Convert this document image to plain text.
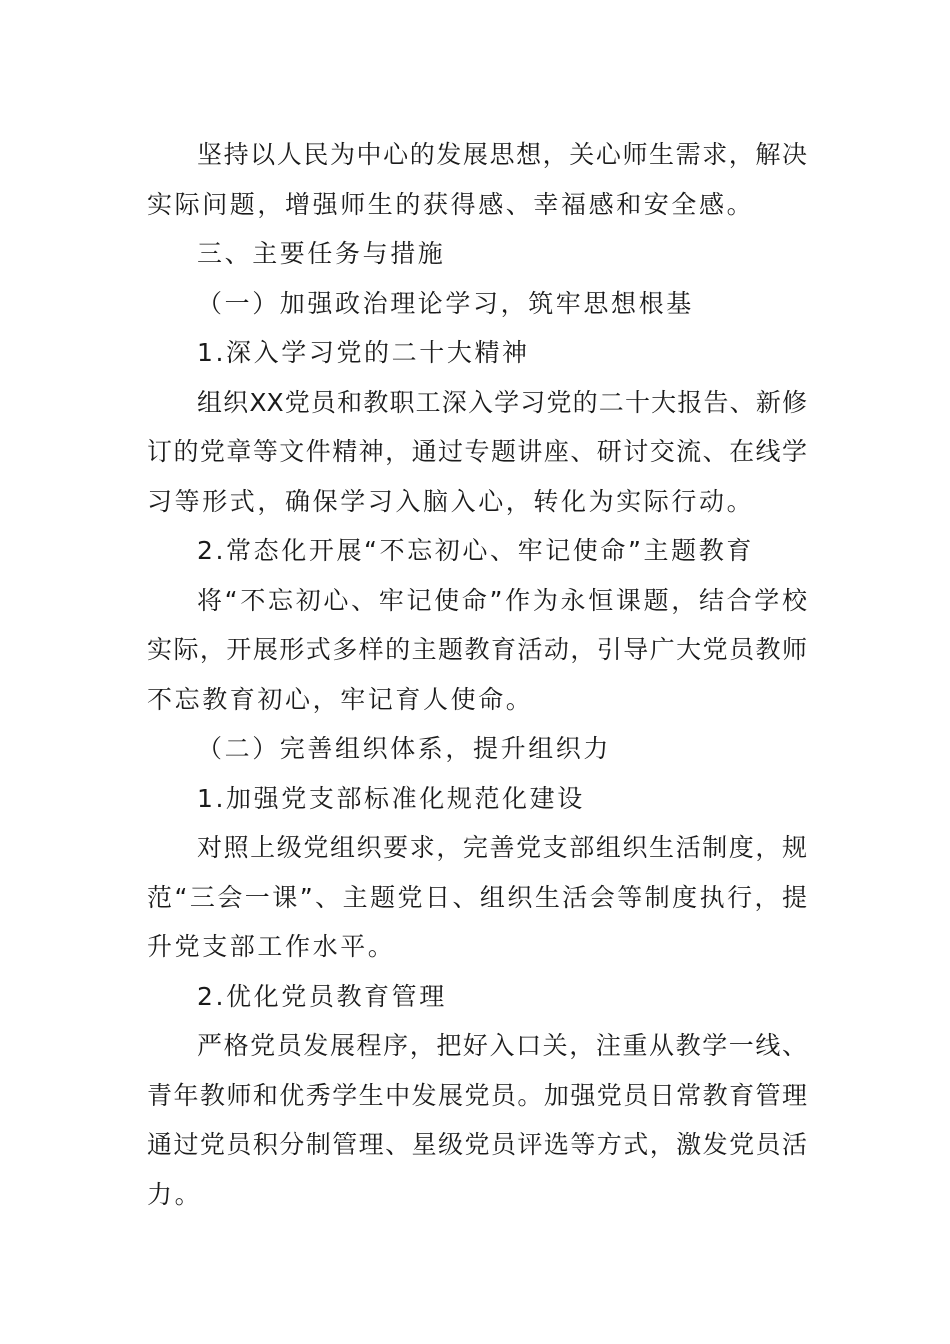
坚持以人民为中心的发展思想，关心师生需求，解决
实际问题，增强师生的获得感、幸福感和安全感。
三、主要任务与措施
（一）加强政治理论学习，筑牢思想根基
1.深入学习党的二十大精神
组织XX党员和教职工深入学习党的二十大报告、新修
订的党章等文件精神，通过专题讲座、研讨交流、在线学
习等形式，确保学习入脑入心，转化为实际行动。
2.常态化开展“不忘初心、牢记使命”主题教育
将“不忘初心、牢记使命”作为永恒课题，结合学校
实际，开展形式多样的主题教育活动，引导广大党员教师
不忘教育初心，牢记育人使命。
（二）完善组织体系，提升组织力
1.加强党支部标准化规范化建设
对照上级党组织要求，完善党支部组织生活制度，规
范“三会一课”、主题党日、组织生活会等制度执行，提
升党支部工作水平。
2.优化党员教育管理
严格党员发展程序，把好入口关，注重从教学一线、
青年教师和优秀学生中发展党员。加强党员日常教育管理
通过党员积分制管理、星级党员评选等方式，激发党员活
力。
